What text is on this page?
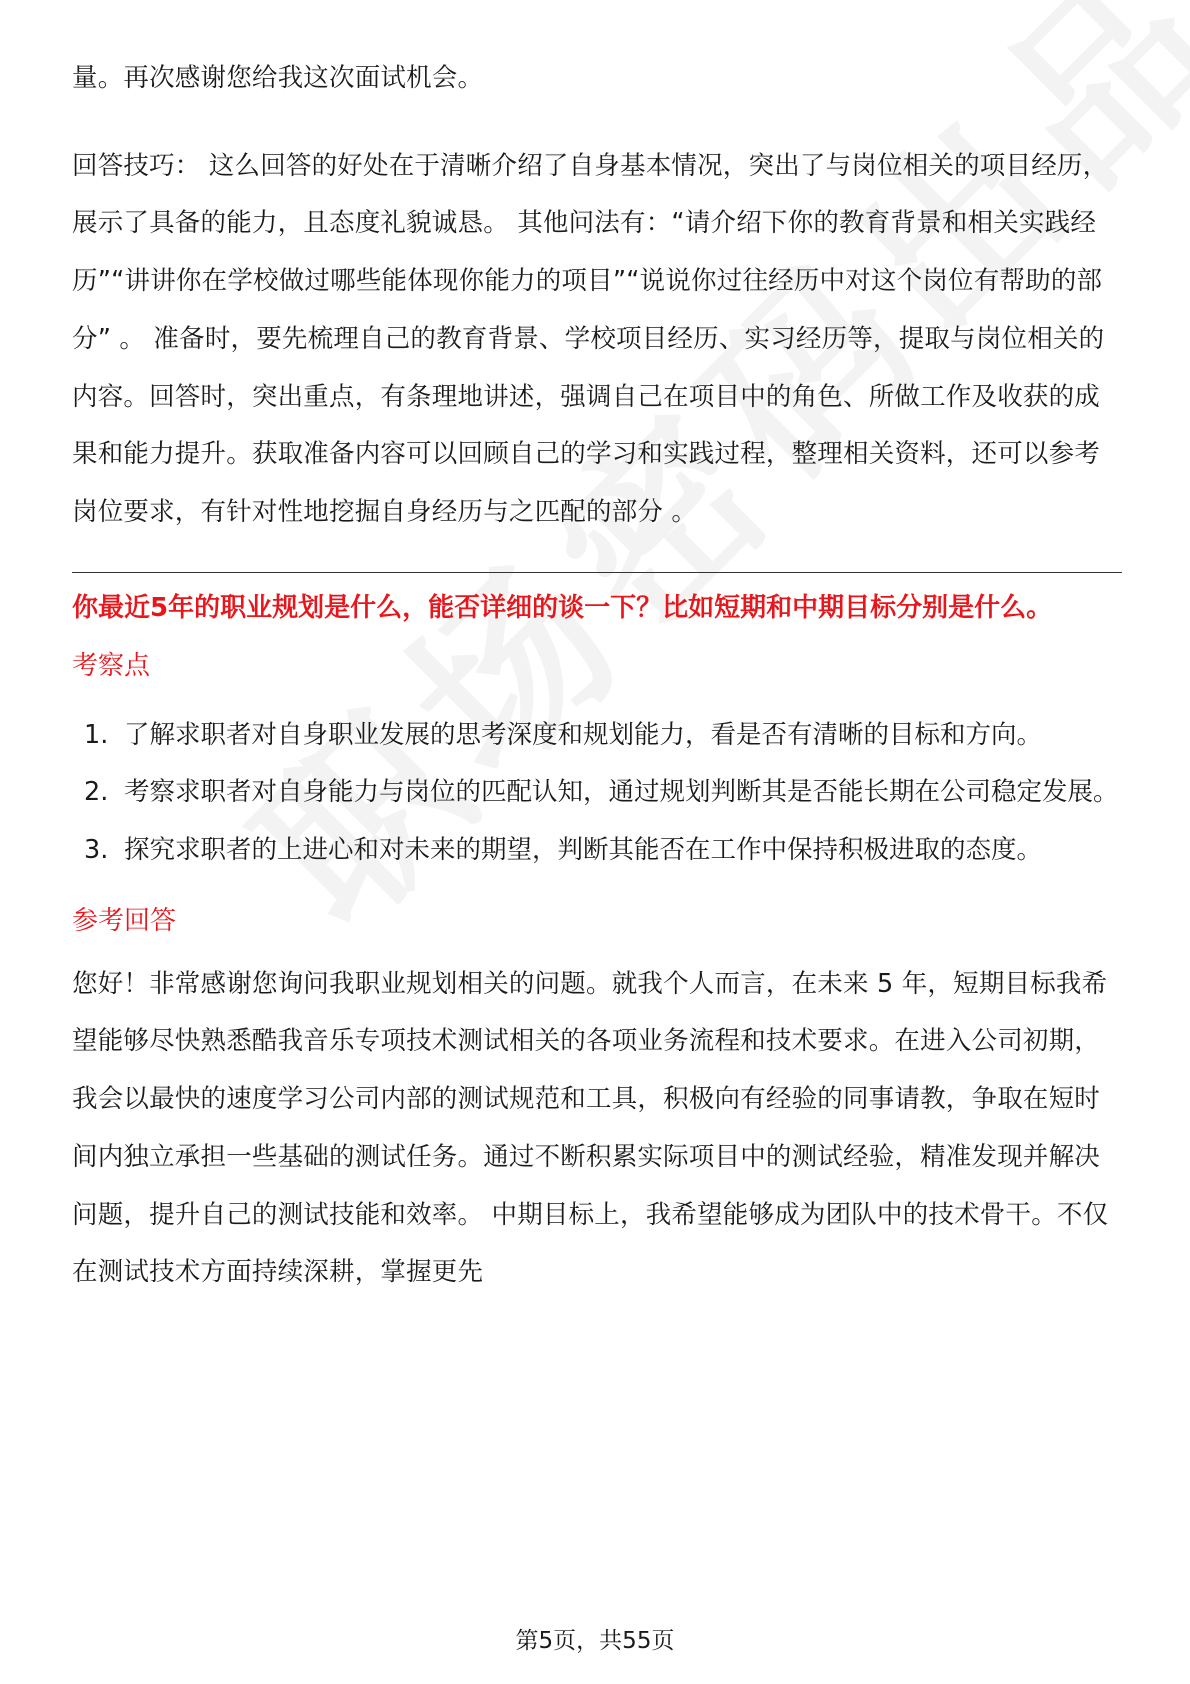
量。再次感谢您给我这次面试机会。

回答技巧： 这么回答的好处在于清晰介绍了自身基本情况，突出了与岗位相关的项目经历，展示了具备的能力，且态度礼貌诚恳。 其他问法有：“请介绍下你的教育背景和相关实践经历”“讲讲你在学校做过哪些能体现你能力的项目”“说说你过往经历中对这个岗位有帮助的部分” 。 准备时，要先梳理自己的教育背景、学校项目经历、实习经历等，提取与岗位相关的内容。回答时，突出重点，有条理地讲述，强调自己在项目中的角色、所做工作及收获的成果和能力提升。获取准备内容可以回顾自己的学习和实践过程，整理相关资料，还可以参考岗位要求，有针对性地挖掘自身经历与之匹配的部分 。

你最近5年的职业规划是什么，能否详细的谈一下？比如短期和中期目标分别是什么。
考察点
1. 了解求职者对自身职业发展的思考深度和规划能力，看是否有清晰的目标和方向。
2. 考察求职者对自身能力与岗位的匹配认知，通过规划判断其是否能长期在公司稳定发展。
3. 探究求职者的上进心和对未来的期望，判断其能否在工作中保持积极进取的态度。
参考回答

您好！非常感谢您询问我职业规划相关的问题。就我个人而言，在未来 5 年，短期目标我希望能够尽快熟悉酷我音乐专项技术测试相关的各项业务流程和技术要求。在进入公司初期，我会以最快的速度学习公司内部的测试规范和工具，积极向有经验的同事请教，争取在短时间内独立承担一些基础的测试任务。通过不断积累实际项目中的测试经验，精准发现并解决问题，提升自己的测试技能和效率。 中期目标上，我希望能够成为团队中的技术骨干。不仅在测试技术方面持续深耕，掌握更先

第5页，共55页
